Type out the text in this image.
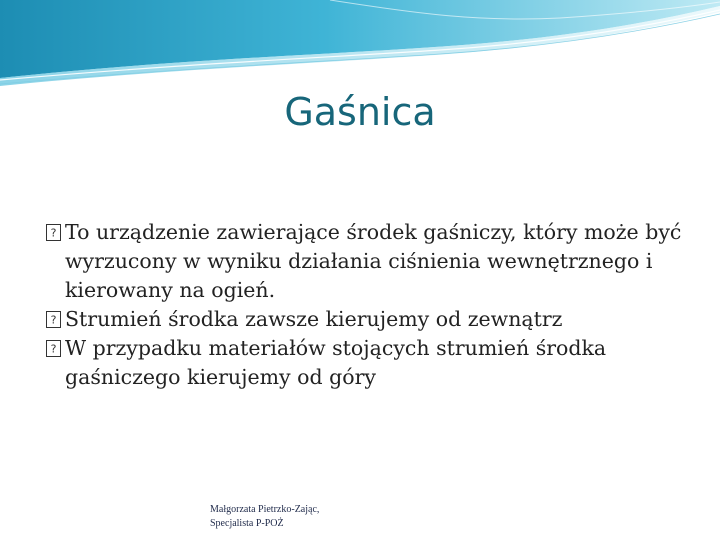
Gaśnica
? To urządzenie zawierające środek gaśniczy, który może być wyrzucony w wyniku działania ciśnienia wewnętrznego i kierowany na ogień.
? Strumień środka zawsze kierujemy od zewnątrz
? W przypadku materiałów stojących strumień środka gaśniczego kierujemy od góry
Małgorzata Pietrzko-Zając,
Specjalista P-POŻ
